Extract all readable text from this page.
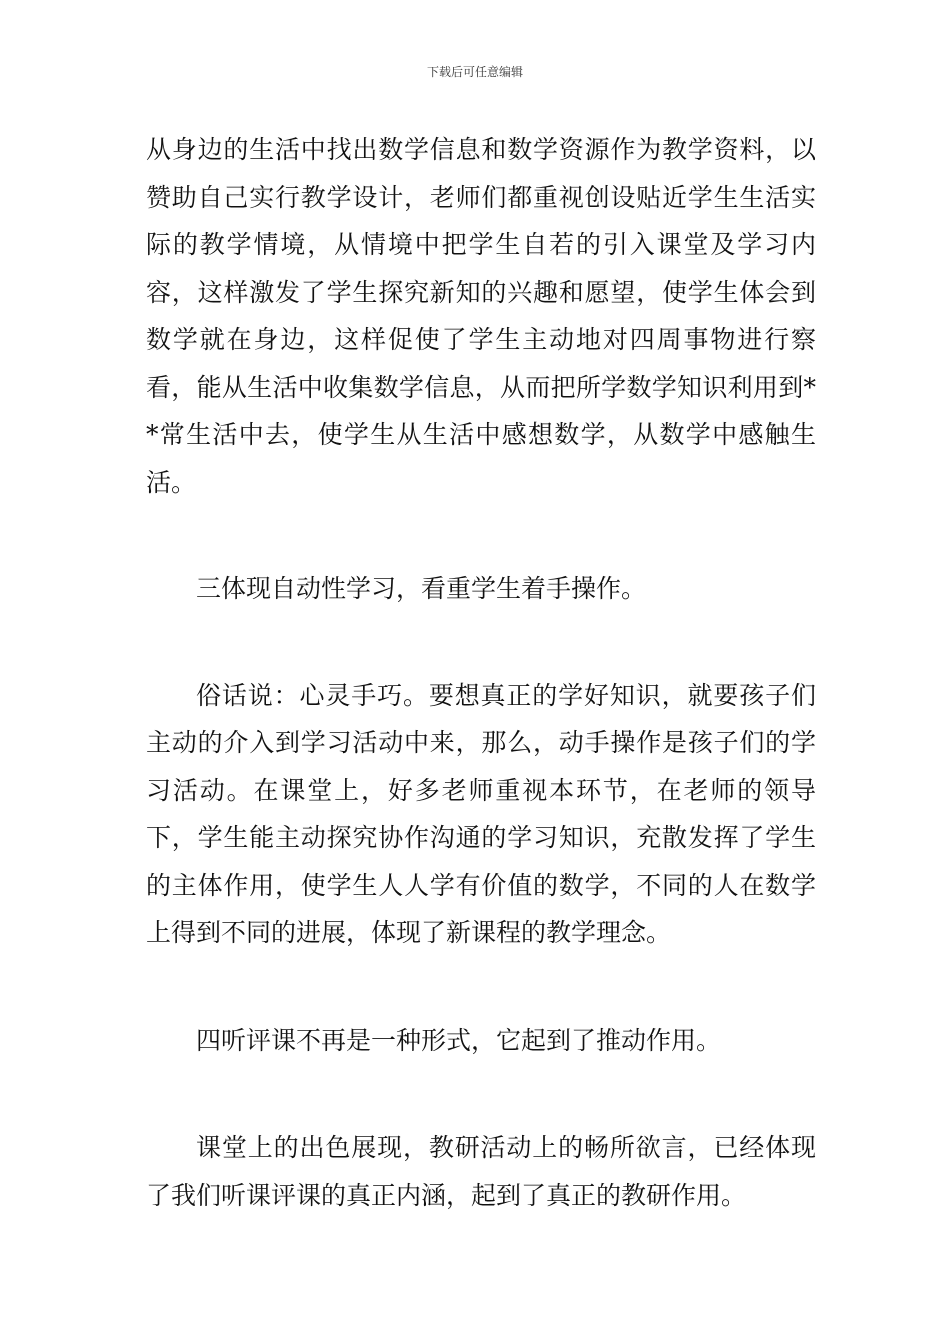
下载后可任意编辑

从身边的生活中找出数学信息和数学资源作为教学资料，以赞助自己实行教学设计，老师们都重视创设贴近学生生活实际的教学情境，从情境中把学生自若的引入课堂及学习内容，这样激发了学生探究新知的兴趣和愿望，使学生体会到数学就在身边，这样促使了学生主动地对四周事物进行察看，能从生活中收集数学信息，从而把所学数学知识利用到**常生活中去，使学生从生活中感想数学，从数学中感触生活。

三体现自动性学习，看重学生着手操作。

俗话说：心灵手巧。要想真正的学好知识，就要孩子们主动的介入到学习活动中来，那么，动手操作是孩子们的学习活动。在课堂上，好多老师重视本环节，在老师的领导下，学生能主动探究协作沟通的学习知识，充散发挥了学生的主体作用，使学生人人学有价值的数学，不同的人在数学上得到不同的进展，体现了新课程的教学理念。

四听评课不再是一种形式，它起到了推动作用。

课堂上的出色展现，教研活动上的畅所欲言，已经体现了我们听课评课的真正内涵，起到了真正的教研作用。
